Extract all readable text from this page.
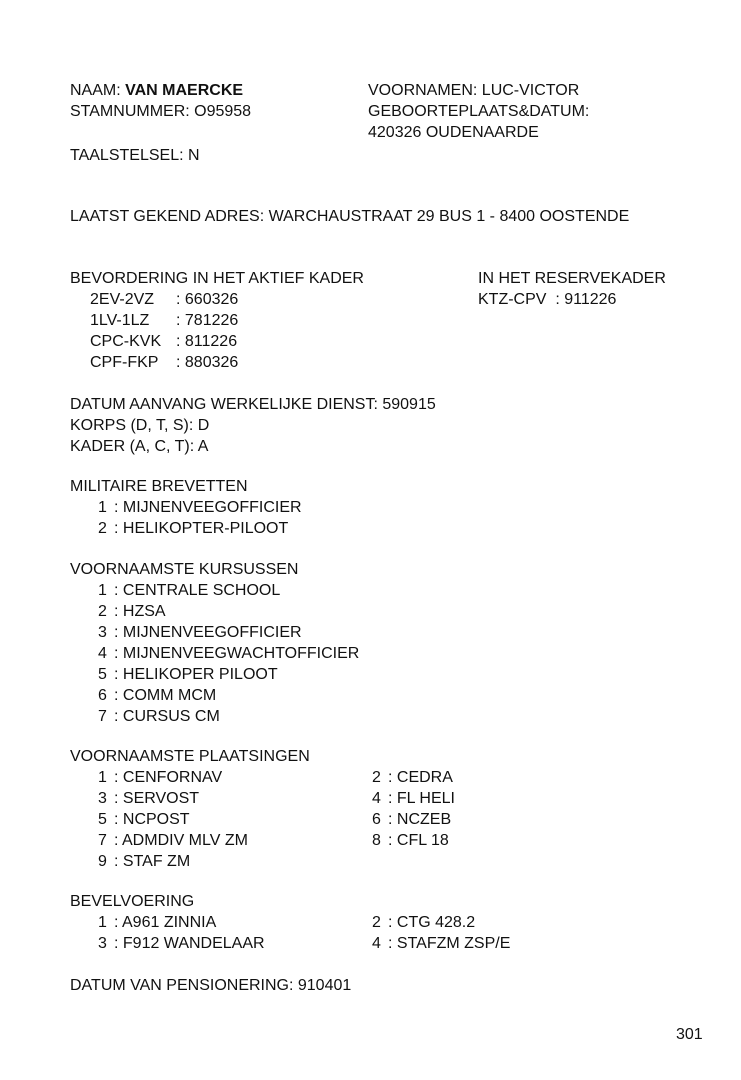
NAAM: VAN MAERCKE
STAMNUMMER: O95958
TAALSTELSEL: N
VOORNAMEN: LUC-VICTOR
GEBOORTEPLAATS&DATUM:
420326 OUDENAARDE
LAATST GEKEND ADRES: WARCHAUSTRAAT 29 BUS 1 - 8400 OOSTENDE
BEVORDERING IN HET AKTIEF KADER
2EV-2VZ : 660326
1LV-1LZ : 781226
CPC-KVK : 811226
CPF-FKP : 880326
IN HET RESERVEKADER
KTZ-CPV  : 911226
DATUM AANVANG WERKELIJKE DIENST: 590915
KORPS (D, T, S): D
KADER (A, C, T): A
MILITAIRE BREVETTEN
1 : MIJNENVEEGOFFICIER
2 : HELIKOPTER-PILOOT
VOORNAAMSTE KURSUSSEN
1 : CENTRALE SCHOOL
2 : HZSA
3 : MIJNENVEEGOFFICIER
4 : MIJNENVEEGWACHTOFFICIER
5 : HELIKOPER PILOOT
6 : COMM MCM
7 : CURSUS CM
VOORNAAMSTE PLAATSINGEN
1 : CENFORNAV
3 : SERVOST
5 : NCPOST
7 : ADMDIV MLV ZM
9 : STAF ZM
2 : CEDRA
4 : FL HELI
6 : NCZEB
8 : CFL 18
BEVELVOERING
1 : A961 ZINNIA
3 : F912 WANDELAAR
2 : CTG 428.2
4 : STAFZM ZSP/E
DATUM VAN PENSIONERING: 910401
301
